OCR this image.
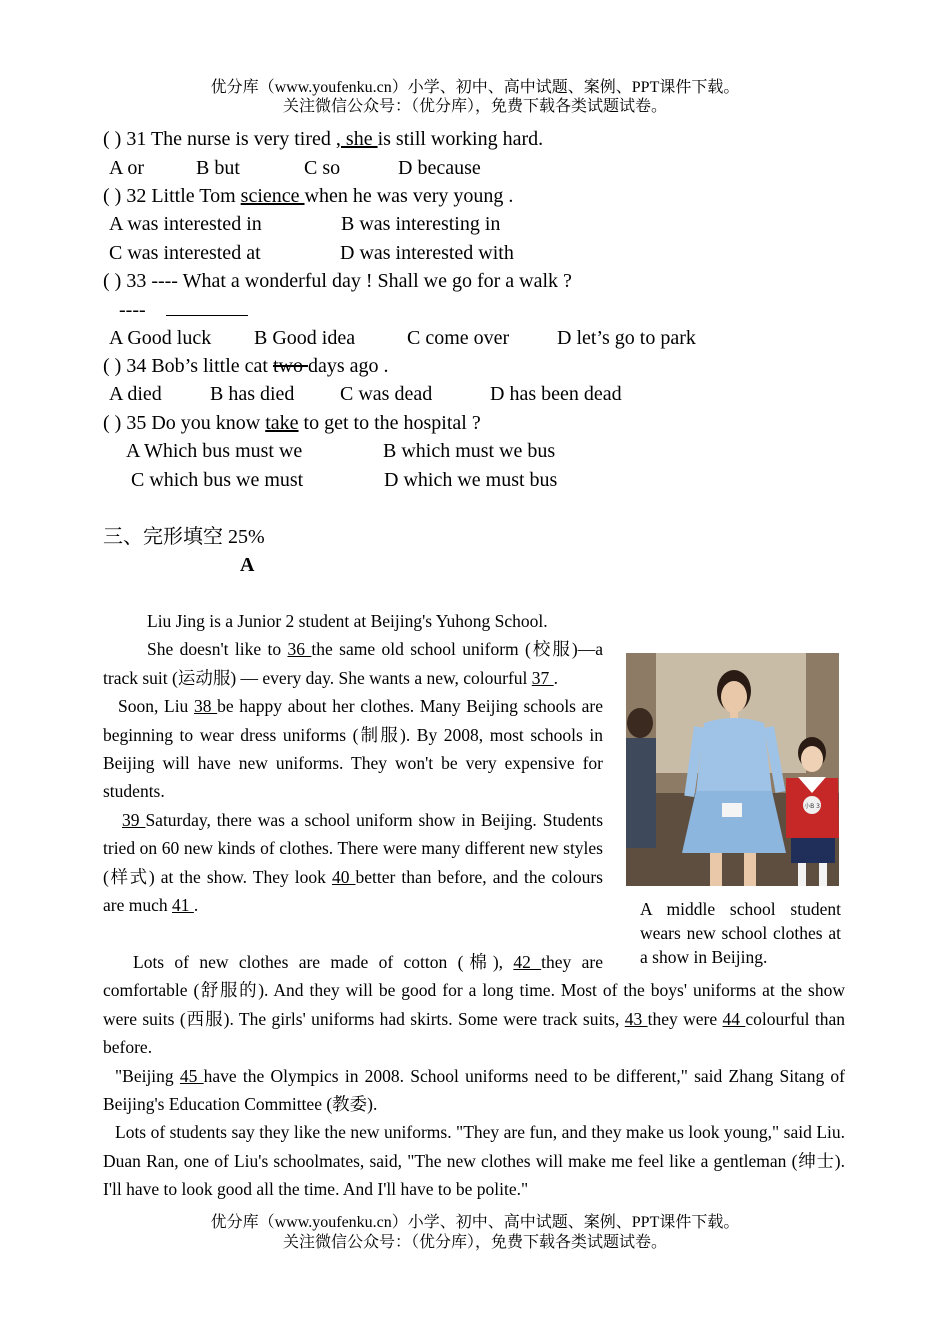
优分库（www.youfenku.cn）小学、初中、高中试题、案例、PPT课件下载。
关注微信公众号：（优分库），免费下载各类试题试卷。
( ) 31 The nurse is very tired , she is still working hard.
A or	B but	C so	D because
( ) 32 Little Tom science when he was very young .
A was interested in	B was interesting in
C was interested at	D was interested with
( ) 33 ---- What a wonderful day ! Shall we go for a walk ?
----
A Good luck B Good idea	C come over D let’s go to park
( ) 34 Bob’s little cat two days ago .
A died B has died C was dead	D has been dead
( ) 35 Do you know take to get to the hospital ?
A Which bus must we	B which must we bus
C which bus we must	D which we must bus
三、完形填空 25%
A

Liu Jing is a Junior 2 student at Beijing's Yuhong School.

She doesn't like to 36 the same old school uniform (校服)—a track suit (运动服) — every day. She wants a new, colourful 37 .

Soon, Liu 38 be happy about her clothes. Many Beijing schools are beginning to wear dress uniforms (制服). By 2008, most schools in Beijing will have new uniforms. They won't be very expensive for students.

39 Saturday, there was a school uniform show in Beijing. Students tried on 60 new kinds of clothes. There were many different new styles (样式) at the show. They look 40 better than before, and the colours are much 41 .

Lots of new clothes are made of cotton (棉), 42 they are comfortable (舒服的). And they will be good for a long time. Most of the boys' uniforms at the show were suits (西服). The girls' uniforms had skirts. Some were track suits, 43 they were 44 colourful than before.

"Beijing 45 have the Olympics in 2008. School uniforms need to be different," said Zhang Sitang of Beijing's Education Committee (教委).

Lots of students say they like the new uniforms. "They are fun, and they make us look young," said Liu. Duan Ran, one of Liu's schoolmates, said, "The new clothes will make me feel like a gentleman (绅士). I'll have to look good all the time. And I'll have to be polite."

小B 3
A middle school student wears new school clothes at a show in Beijing.
优分库（www.youfenku.cn）小学、初中、高中试题、案例、PPT课件下载。
关注微信公众号：（优分库），免费下载各类试题试卷。
